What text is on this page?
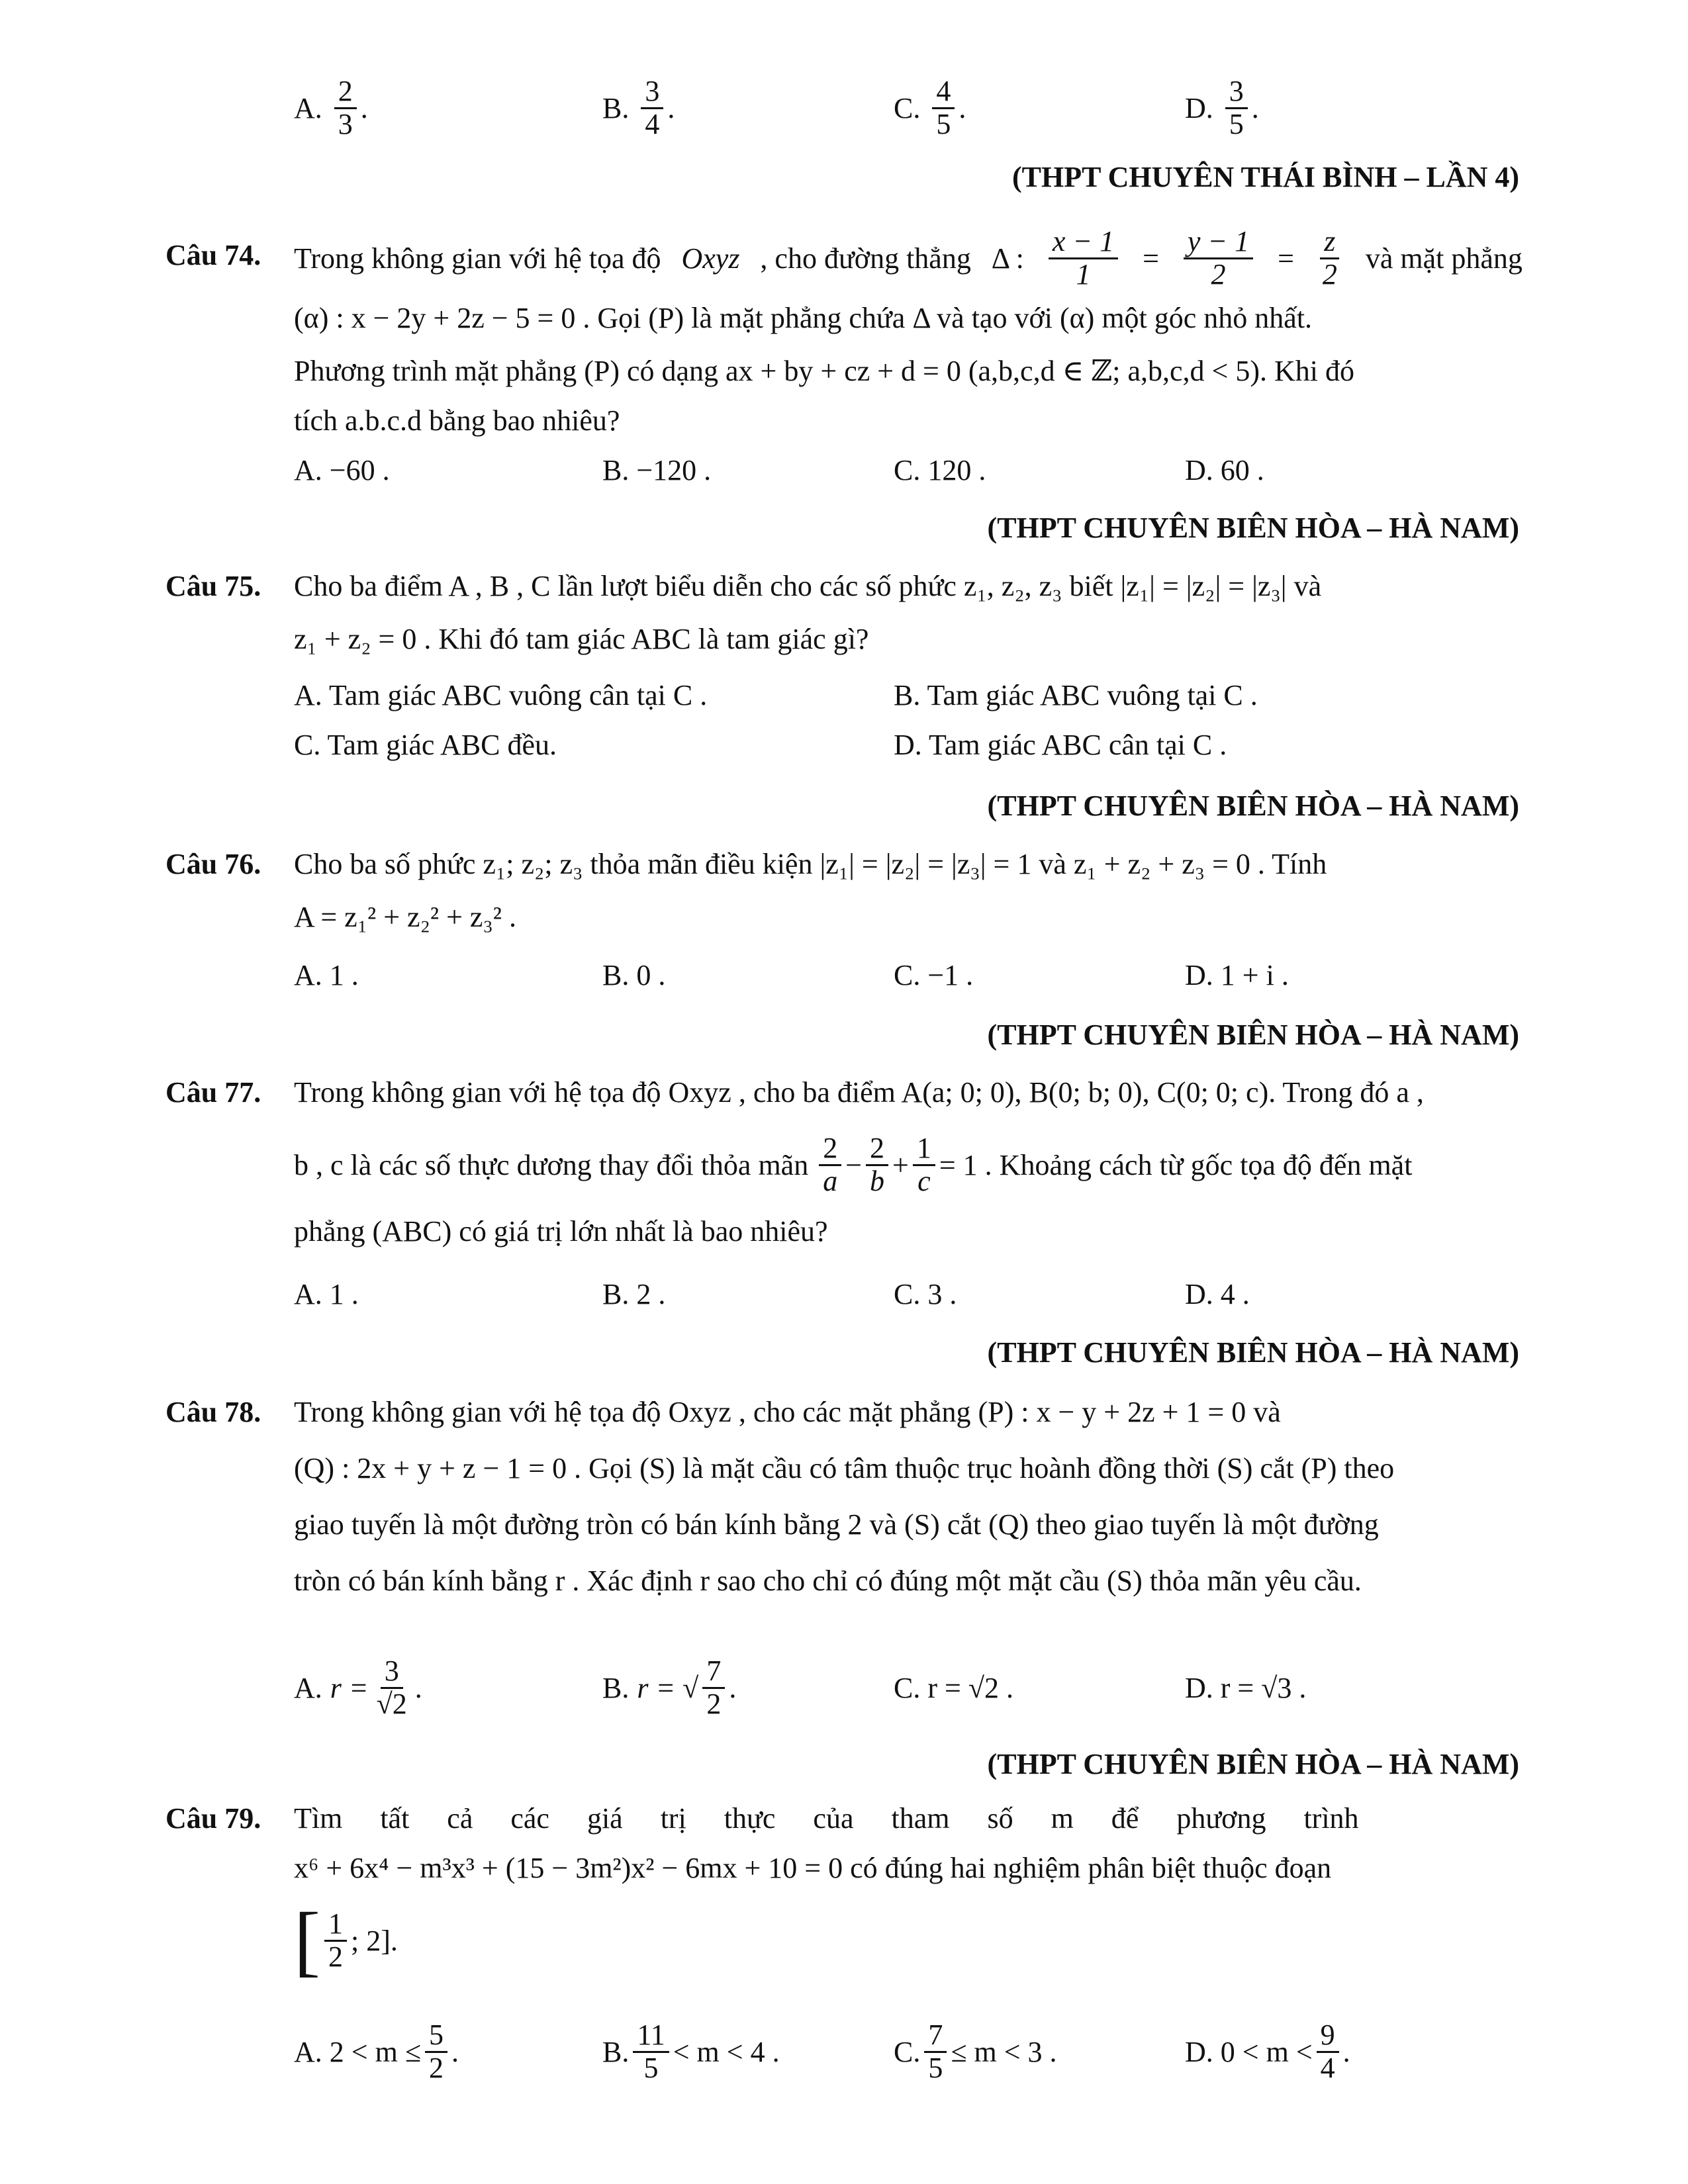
A. $\frac{2}{3}$ .	B. $\frac{3}{4}$ .	C. $\frac{4}{5}$ .	D. $\frac{3}{5}$ .
(THPT CHUYÊN THÁI BÌNH – LẦN 4)
Câu 74. Trong không gian với hệ tọa độ Oxyz , cho đường thẳng Δ : $\frac{x - 1}{1} = \frac{y - 1}{2} = \frac{z}{2}$ và mặt phẳng
(α) : x − 2y + 2z − 5 = 0 . Gọi (P) là mặt phẳng chứa Δ và tạo với (α) một góc nhỏ nhất.
Phương trình mặt phẳng (P) có dạng ax + by + cz + d = 0 (a,b,c,d ∈ ℤ; a,b,c,d < 5). Khi đó
tích a.b.c.d bằng bao nhiêu?
A. −60 .	B. −120 .	C. 120 .	D. 60 .
(THPT CHUYÊN BIÊN HÒA – HÀ NAM)
Câu 75. Cho ba điểm A , B , C lần lượt biểu diễn cho các số phức z₁, z₂, z₃ biết |z₁| = |z₂| = |z₃| và
z₁ + z₂ = 0 . Khi đó tam giác ABC là tam giác gì?
A. Tam giác ABC vuông cân tại C .	B. Tam giác ABC vuông tại C .
C. Tam giác ABC đều.	D. Tam giác ABC cân tại C .
(THPT CHUYÊN BIÊN HÒA – HÀ NAM)
Câu 76. Cho ba số phức z₁; z₂; z₃ thỏa mãn điều kiện |z₁| = |z₂| = |z₃| = 1 và z₁ + z₂ + z₃ = 0 . Tính
A = z₁² + z₂² + z₃² .
A. 1 .	B. 0 .	C. −1 .	D. 1 + i .
(THPT CHUYÊN BIÊN HÒA – HÀ NAM)
Câu 77. Trong không gian với hệ tọa độ Oxyz , cho ba điểm A(a; 0; 0), B(0; b; 0), C(0; 0; c). Trong đó a ,
b , c là các số thực dương thay đổi thỏa mãn $\frac{2}{a} - \frac{2}{b} + \frac{1}{c} = 1$ . Khoảng cách từ gốc tọa độ đến mặt
phẳng (ABC) có giá trị lớn nhất là bao nhiêu?
A. 1 .	B. 2 .	C. 3 .	D. 4 .
(THPT CHUYÊN BIÊN HÒA – HÀ NAM)
Câu 78. Trong không gian với hệ tọa độ Oxyz , cho các mặt phẳng (P) : x − y + 2z + 1 = 0 và
(Q) : 2x + y + z − 1 = 0 . Gọi (S) là mặt cầu có tâm thuộc trục hoành đồng thời (S) cắt (P) theo
giao tuyến là một đường tròn có bán kính bằng 2 và (S) cắt (Q) theo giao tuyến là một đường
tròn có bán kính bằng r . Xác định r sao cho chỉ có đúng một mặt cầu (S) thỏa mãn yêu cầu.
A. $r = \frac{3}{√2}$ .	B. r = √ $\frac{7}{2}$ .	C. r = √2 .	D. r = √3 .
(THPT CHUYÊN BIÊN HÒA – HÀ NAM)
Câu 79. Tìm tất cả các giá trị thực của tham số m để phương trình
x⁶ + 6x⁴ − m³x³ + (15 − 3m²)x² − 6mx + 10 = 0 có đúng hai nghiệm phân biệt thuộc đoạn
[ $\frac{1}{2}$ ; 2].
A. $2 < m \le \frac{5}{2}$ .	B. $\frac{11}{5} < m < 4$ .	C. $\frac{7}{5} \le m < 3$ .	D. $0 < m < \frac{9}{4}$ .
